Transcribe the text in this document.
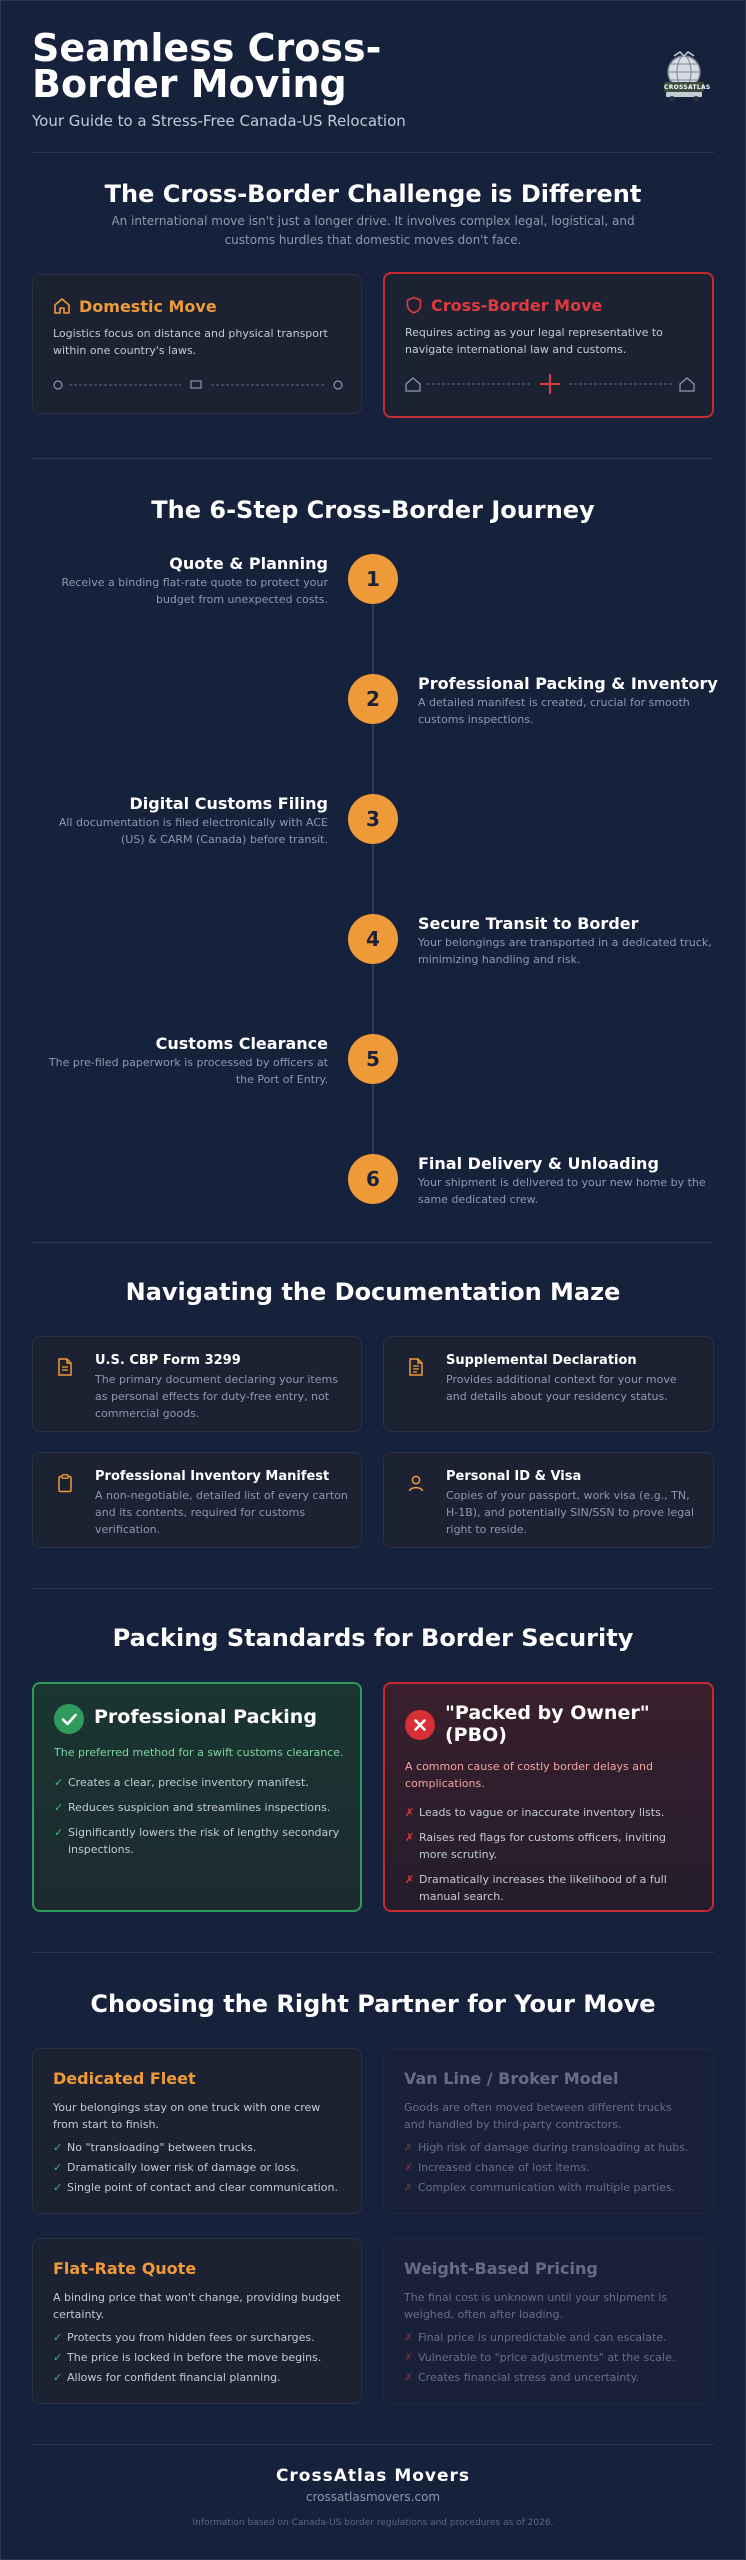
Seamless Cross-Border Moving
Your Guide to a Stress-Free Canada-US Relocation
CROSSATLAS
The Cross-Border Challenge is Different
An international move isn't just a longer drive. It involves complex legal, logistical, and customs hurdles that domestic moves don't face.
Domestic Move
Logistics focus on distance and physical transport within one country's laws.
Cross-Border Move
Requires acting as your legal representative to navigate international law and customs.
The 6-Step Cross-Border Journey
1
Quote & Planning
Receive a binding flat-rate quote to protect your budget from unexpected costs.
2
Professional Packing & Inventory
A detailed manifest is created, crucial for smooth customs inspections.
3
Digital Customs Filing
All documentation is filed electronically with ACE (US) & CARM (Canada) before transit.
4
Secure Transit to Border
Your belongings are transported in a dedicated truck, minimizing handling and risk.
5
Customs Clearance
The pre-filed paperwork is processed by officers at the Port of Entry.
6
Final Delivery & Unloading
Your shipment is delivered to your new home by the same dedicated crew.
Navigating the Documentation Maze
U.S. CBP Form 3299
The primary document declaring your items as personal effects for duty-free entry, not commercial goods.
Supplemental Declaration
Provides additional context for your move and details about your residency status.
Professional Inventory Manifest
A non-negotiable, detailed list of every carton and its contents, required for customs verification.
Personal ID & Visa
Copies of your passport, work visa (e.g., TN, H-1B), and potentially SIN/SSN to prove legal right to reside.
Packing Standards for Border Security
Professional Packing
The preferred method for a swift customs clearance.
✓ Creates a clear, precise inventory manifest.
✓ Reduces suspicion and streamlines inspections.
✓ Significantly lowers the risk of lengthy secondary inspections.
"Packed by Owner" (PBO)
A common cause of costly border delays and complications.
✗ Leads to vague or inaccurate inventory lists.
✗ Raises red flags for customs officers, inviting more scrutiny.
✗ Dramatically increases the likelihood of a full manual search.
Choosing the Right Partner for Your Move
Dedicated Fleet
Your belongings stay on one truck with one crew from start to finish.
✓ No "transloading" between trucks.
✓ Dramatically lower risk of damage or loss.
✓ Single point of contact and clear communication.
Van Line / Broker Model
Goods are often moved between different trucks and handled by third-party contractors.
✗ High risk of damage during transloading at hubs.
✗ Increased chance of lost items.
✗ Complex communication with multiple parties.
Flat-Rate Quote
A binding price that won't change, providing budget certainty.
✓ Protects you from hidden fees or surcharges.
✓ The price is locked in before the move begins.
✓ Allows for confident financial planning.
Weight-Based Pricing
The final cost is unknown until your shipment is weighed, often after loading.
✗ Final price is unpredictable and can escalate.
✗ Vulnerable to "price adjustments" at the scale.
✗ Creates financial stress and uncertainty.
CrossAtlas Movers
crossatlasmovers.com
Information based on Canada-US border regulations and procedures as of 2026.
